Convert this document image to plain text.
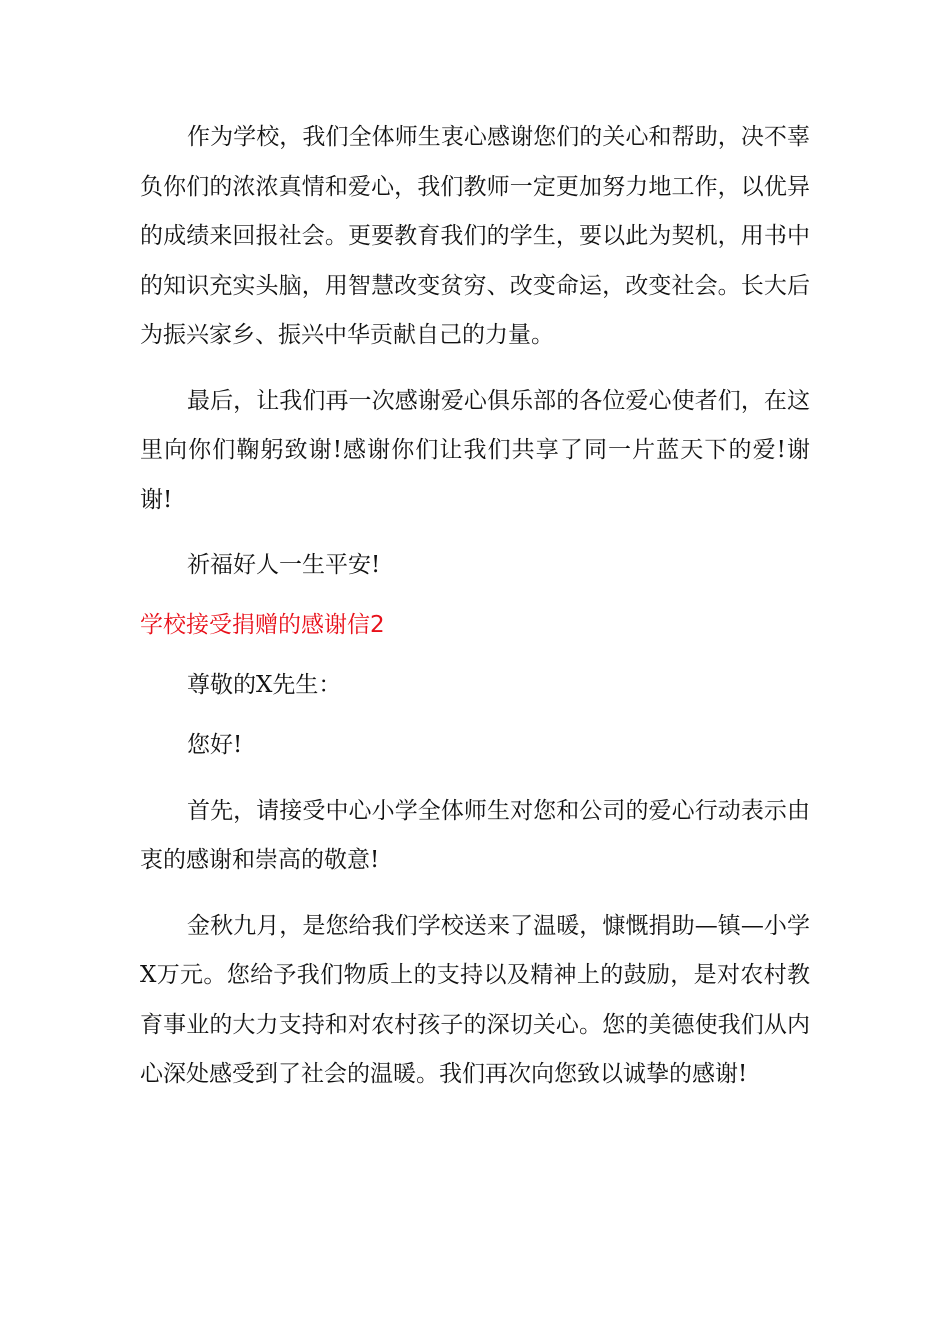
作为学校，我们全体师生衷心感谢您们的关心和帮助，决不辜负你们的浓浓真情和爱心，我们教师一定更加努力地工作，以优异的成绩来回报社会。更要教育我们的学生，要以此为契机，用书中的知识充实头脑，用智慧改变贫穷、改变命运，改变社会。长大后为振兴家乡、振兴中华贡献自己的力量。

最后，让我们再一次感谢爱心俱乐部的各位爱心使者们，在这里向你们鞠躬致谢!感谢你们让我们共享了同一片蓝天下的爱!谢谢!

祈福好人一生平安!

学校接受捐赠的感谢信2

尊敬的X先生：

您好!

首先，请接受中心小学全体师生对您和公司的爱心行动表示由衷的感谢和崇高的敬意!

金秋九月，是您给我们学校送来了温暖，慷慨捐助—镇—小学X万元。您给予我们物质上的支持以及精神上的鼓励，是对农村教育事业的大力支持和对农村孩子的深切关心。您的美德使我们从内心深处感受到了社会的温暖。我们再次向您致以诚挚的感谢!
